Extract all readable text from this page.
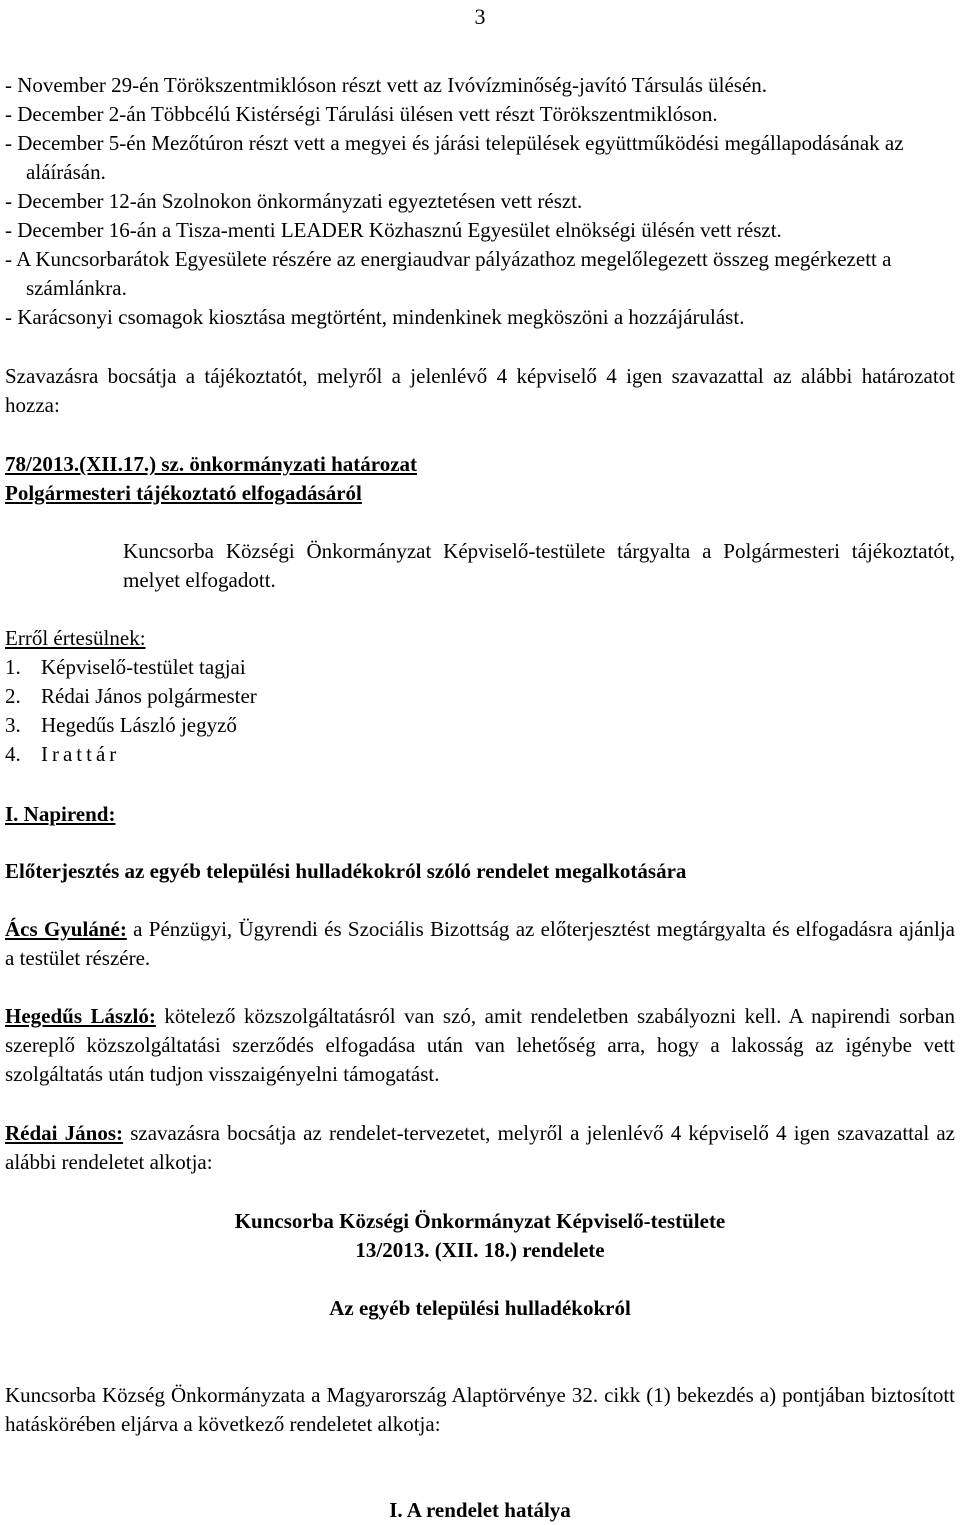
3

- November 29-én Törökszentmiklóson részt vett az Ivóvízminőség-javító Társulás ülésén.

- December 2-án Többcélú Kistérségi Tárulási ülésen vett részt Törökszentmiklóson.

- December 5-én Mezőtúron részt vett a megyei és járási települések együttműködési megállapodásának az aláírásán.

- December 12-án Szolnokon önkormányzati egyeztetésen vett részt.

- December 16-án a Tisza-menti LEADER Közhasznú Egyesület elnökségi ülésén vett részt.

- A Kuncsorbarátok Egyesülete részére az energiaudvar pályázathoz megelőlegezett összeg megérkezett a számlánkra.

- Karácsonyi csomagok kiosztása megtörtént, mindenkinek megköszöni a hozzájárulást.

Szavazásra bocsátja a tájékoztatót, melyről a jelenlévő 4 képviselő 4 igen szavazattal az alábbi határozatot hozza:

78/2013.(XII.17.) sz. önkormányzati határozat

Polgármesteri tájékoztató elfogadásáról

Kuncsorba Községi Önkormányzat Képviselő-testülete tárgyalta a Polgármesteri tájékoztatót, melyet elfogadott.

Erről értesülnek:

1. Képviselő-testület tagjai
2. Rédai János polgármester
3. Hegedűs László jegyző
4. Irattár

I. Napirend:

Előterjesztés az egyéb települési hulladékokról szóló rendelet megalkotására

Ács Gyuláné: a Pénzügyi, Ügyrendi és Szociális Bizottság az előterjesztést megtárgyalta és elfogadásra ajánlja a testület részére.

Hegedűs László: kötelező közszolgáltatásról van szó, amit rendeletben szabályozni kell. A napirendi sorban szereplő közszolgáltatási szerződés elfogadása után van lehetőség arra, hogy a lakosság az igénybe vett szolgáltatás után tudjon visszaigényelni támogatást.

Rédai János: szavazásra bocsátja az rendelet-tervezetet, melyről a jelenlévő 4 képviselő 4 igen szavazattal az alábbi rendeletet alkotja:

Kuncsorba Községi Önkormányzat Képviselő-testülete

13/2013. (XII. 18.) rendelete

Az egyéb települési hulladékokról

Kuncsorba Község Önkormányzata a Magyarország Alaptörvénye 32. cikk (1) bekezdés a) pontjában biztosított hatáskörében eljárva a következő rendeletet alkotja:

I. A rendelet hatálya
